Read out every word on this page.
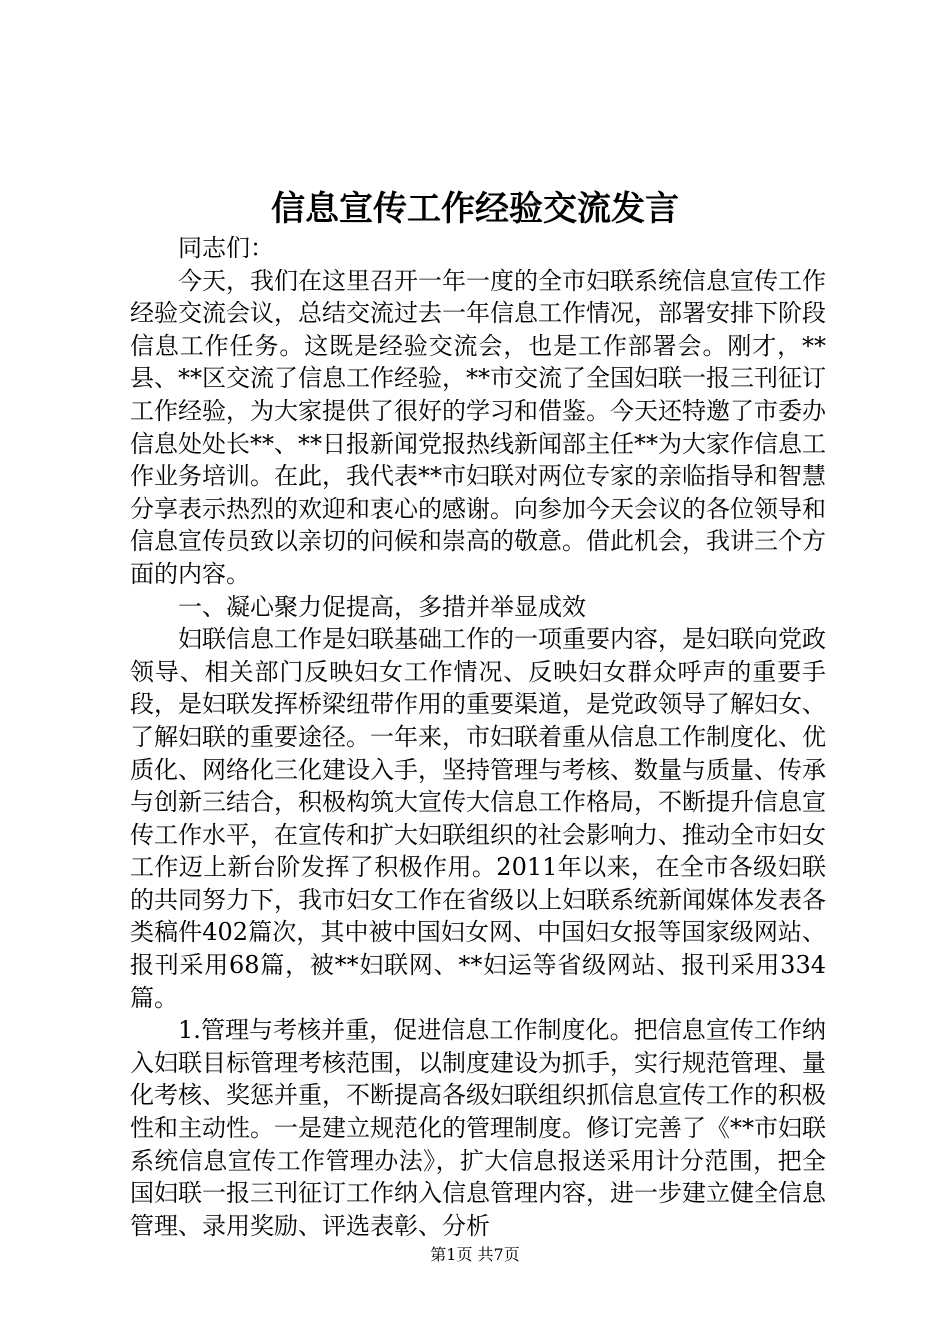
信息宣传工作经验交流发言

同志们：

今天，我们在这里召开一年一度的全市妇联系统信息宣传工作经验交流会议，总结交流过去一年信息工作情况，部署安排下阶段信息工作任务。这既是经验交流会，也是工作部署会。刚才，**县、**区交流了信息工作经验，**市交流了全国妇联一报三刊征订工作经验，为大家提供了很好的学习和借鉴。今天还特邀了市委办信息处处长**、**日报新闻党报热线新闻部主任**为大家作信息工作业务培训。在此，我代表**市妇联对两位专家的亲临指导和智慧分享表示热烈的欢迎和衷心的感谢。向参加今天会议的各位领导和信息宣传员致以亲切的问候和崇高的敬意。借此机会，我讲三个方面的内容。

一、凝心聚力促提高，多措并举显成效

妇联信息工作是妇联基础工作的一项重要内容，是妇联向党政领导、相关部门反映妇女工作情况、反映妇女群众呼声的重要手段，是妇联发挥桥梁纽带作用的重要渠道，是党政领导了解妇女、了解妇联的重要途径。一年来，市妇联着重从信息工作制度化、优质化、网络化三化建设入手，坚持管理与考核、数量与质量、传承与创新三结合，积极构筑大宣传大信息工作格局，不断提升信息宣传工作水平，在宣传和扩大妇联组织的社会影响力、推动全市妇女工作迈上新台阶发挥了积极作用。2011年以来，在全市各级妇联的共同努力下，我市妇女工作在省级以上妇联系统新闻媒体发表各类稿件402篇次，其中被中国妇女网、中国妇女报等国家级网站、报刊采用68篇，被**妇联网、**妇运等省级网站、报刊采用334篇。

1.管理与考核并重，促进信息工作制度化。把信息宣传工作纳入妇联目标管理考核范围，以制度建设为抓手，实行规范管理、量化考核、奖惩并重，不断提高各级妇联组织抓信息宣传工作的积极性和主动性。一是建立规范化的管理制度。修订完善了《**市妇联系统信息宣传工作管理办法》，扩大信息报送采用计分范围，把全国妇联一报三刊征订工作纳入信息管理内容，进一步建立健全信息管理、录用奖励、评选表彰、分析

第1页 共7页
